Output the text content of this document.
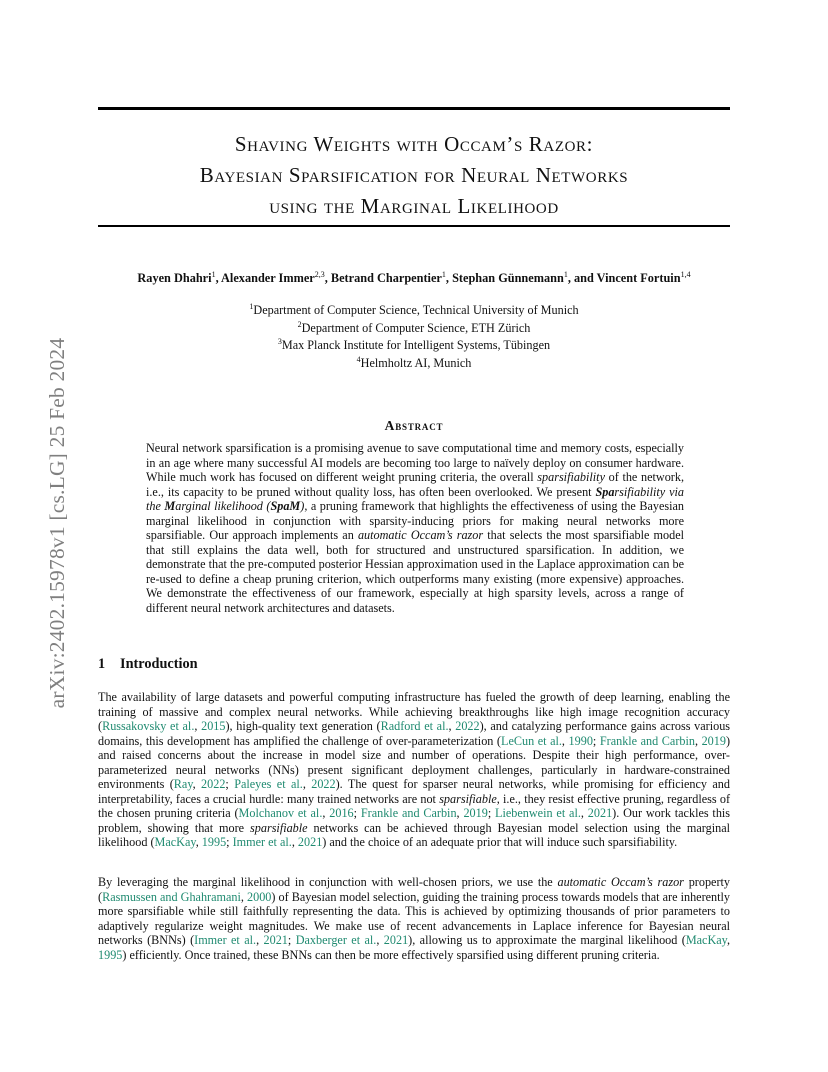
arXiv:2402.15978v1 [cs.LG] 25 Feb 2024
Shaving Weights with Occam’s Razor:
Bayesian Sparsification for Neural Networks
using the Marginal Likelihood
Rayen Dhahri$^1$, Alexander Immer$^{2,3}$, Betrand Charpentier$^1$, Stephan Günnemann$^1$, and Vincent Fortuin$^{1,4}$
$^1$Department of Computer Science, Technical University of Munich
$^2$Department of Computer Science, ETH Zürich
$^3$Max Planck Institute for Intelligent Systems, Tübingen
$^4$Helmholtz AI, Munich
Abstract
Neural network sparsification is a promising avenue to save computational time and memory costs, especially in an age where many successful AI models are becoming too large to naïvely deploy on consumer hardware. While much work has focused on different weight pruning criteria, the overall sparsifiability of the network, i.e., its capacity to be pruned without quality loss, has often been overlooked. We present Sparsifiability via the Marginal likelihood (SpaM), a pruning framework that highlights the effectiveness of using the Bayesian marginal likelihood in conjunction with sparsity-inducing priors for making neural networks more sparsifiable. Our approach implements an automatic Occam’s razor that selects the most sparsifiable model that still explains the data well, both for structured and unstructured sparsification. In addition, we demonstrate that the pre-computed posterior Hessian approximation used in the Laplace approximation can be re-used to define a cheap pruning criterion, which outperforms many existing (more expensive) approaches. We demonstrate the effectiveness of our framework, especially at high sparsity levels, across a range of different neural network architectures and datasets.
1 Introduction
The availability of large datasets and powerful computing infrastructure has fueled the growth of deep learning, enabling the training of massive and complex neural networks. While achieving breakthroughs like high image recognition accuracy (Russakovsky et al., 2015), high-quality text generation (Radford et al., 2022), and catalyzing performance gains across various domains, this development has amplified the challenge of over-parameterization (LeCun et al., 1990; Frankle and Carbin, 2019) and raised concerns about the increase in model size and number of operations. Despite their high performance, over-parameterized neural networks (NNs) present significant deployment challenges, particularly in hardware-constrained environments (Ray, 2022; Paleyes et al., 2022). The quest for sparser neural networks, while promising for efficiency and interpretability, faces a crucial hurdle: many trained networks are not sparsifiable, i.e., they resist effective pruning, regardless of the chosen pruning criteria (Molchanov et al., 2016; Frankle and Carbin, 2019; Liebenwein et al., 2021). Our work tackles this problem, showing that more sparsifiable networks can be achieved through Bayesian model selection using the marginal likelihood (MacKay, 1995; Immer et al., 2021) and the choice of an adequate prior that will induce such sparsifiability.
By leveraging the marginal likelihood in conjunction with well-chosen priors, we use the automatic Occam’s razor property (Rasmussen and Ghahramani, 2000) of Bayesian model selection, guiding the training process towards models that are inherently more sparsifiable while still faithfully representing the data. This is achieved by optimizing thousands of prior parameters to adaptively regularize weight magnitudes. We make use of recent advancements in Laplace inference for Bayesian neural networks (BNNs) (Immer et al., 2021; Daxberger et al., 2021), allowing us to approximate the marginal likelihood (MacKay, 1995) efficiently. Once trained, these BNNs can then be more effectively sparsified using different pruning criteria.
